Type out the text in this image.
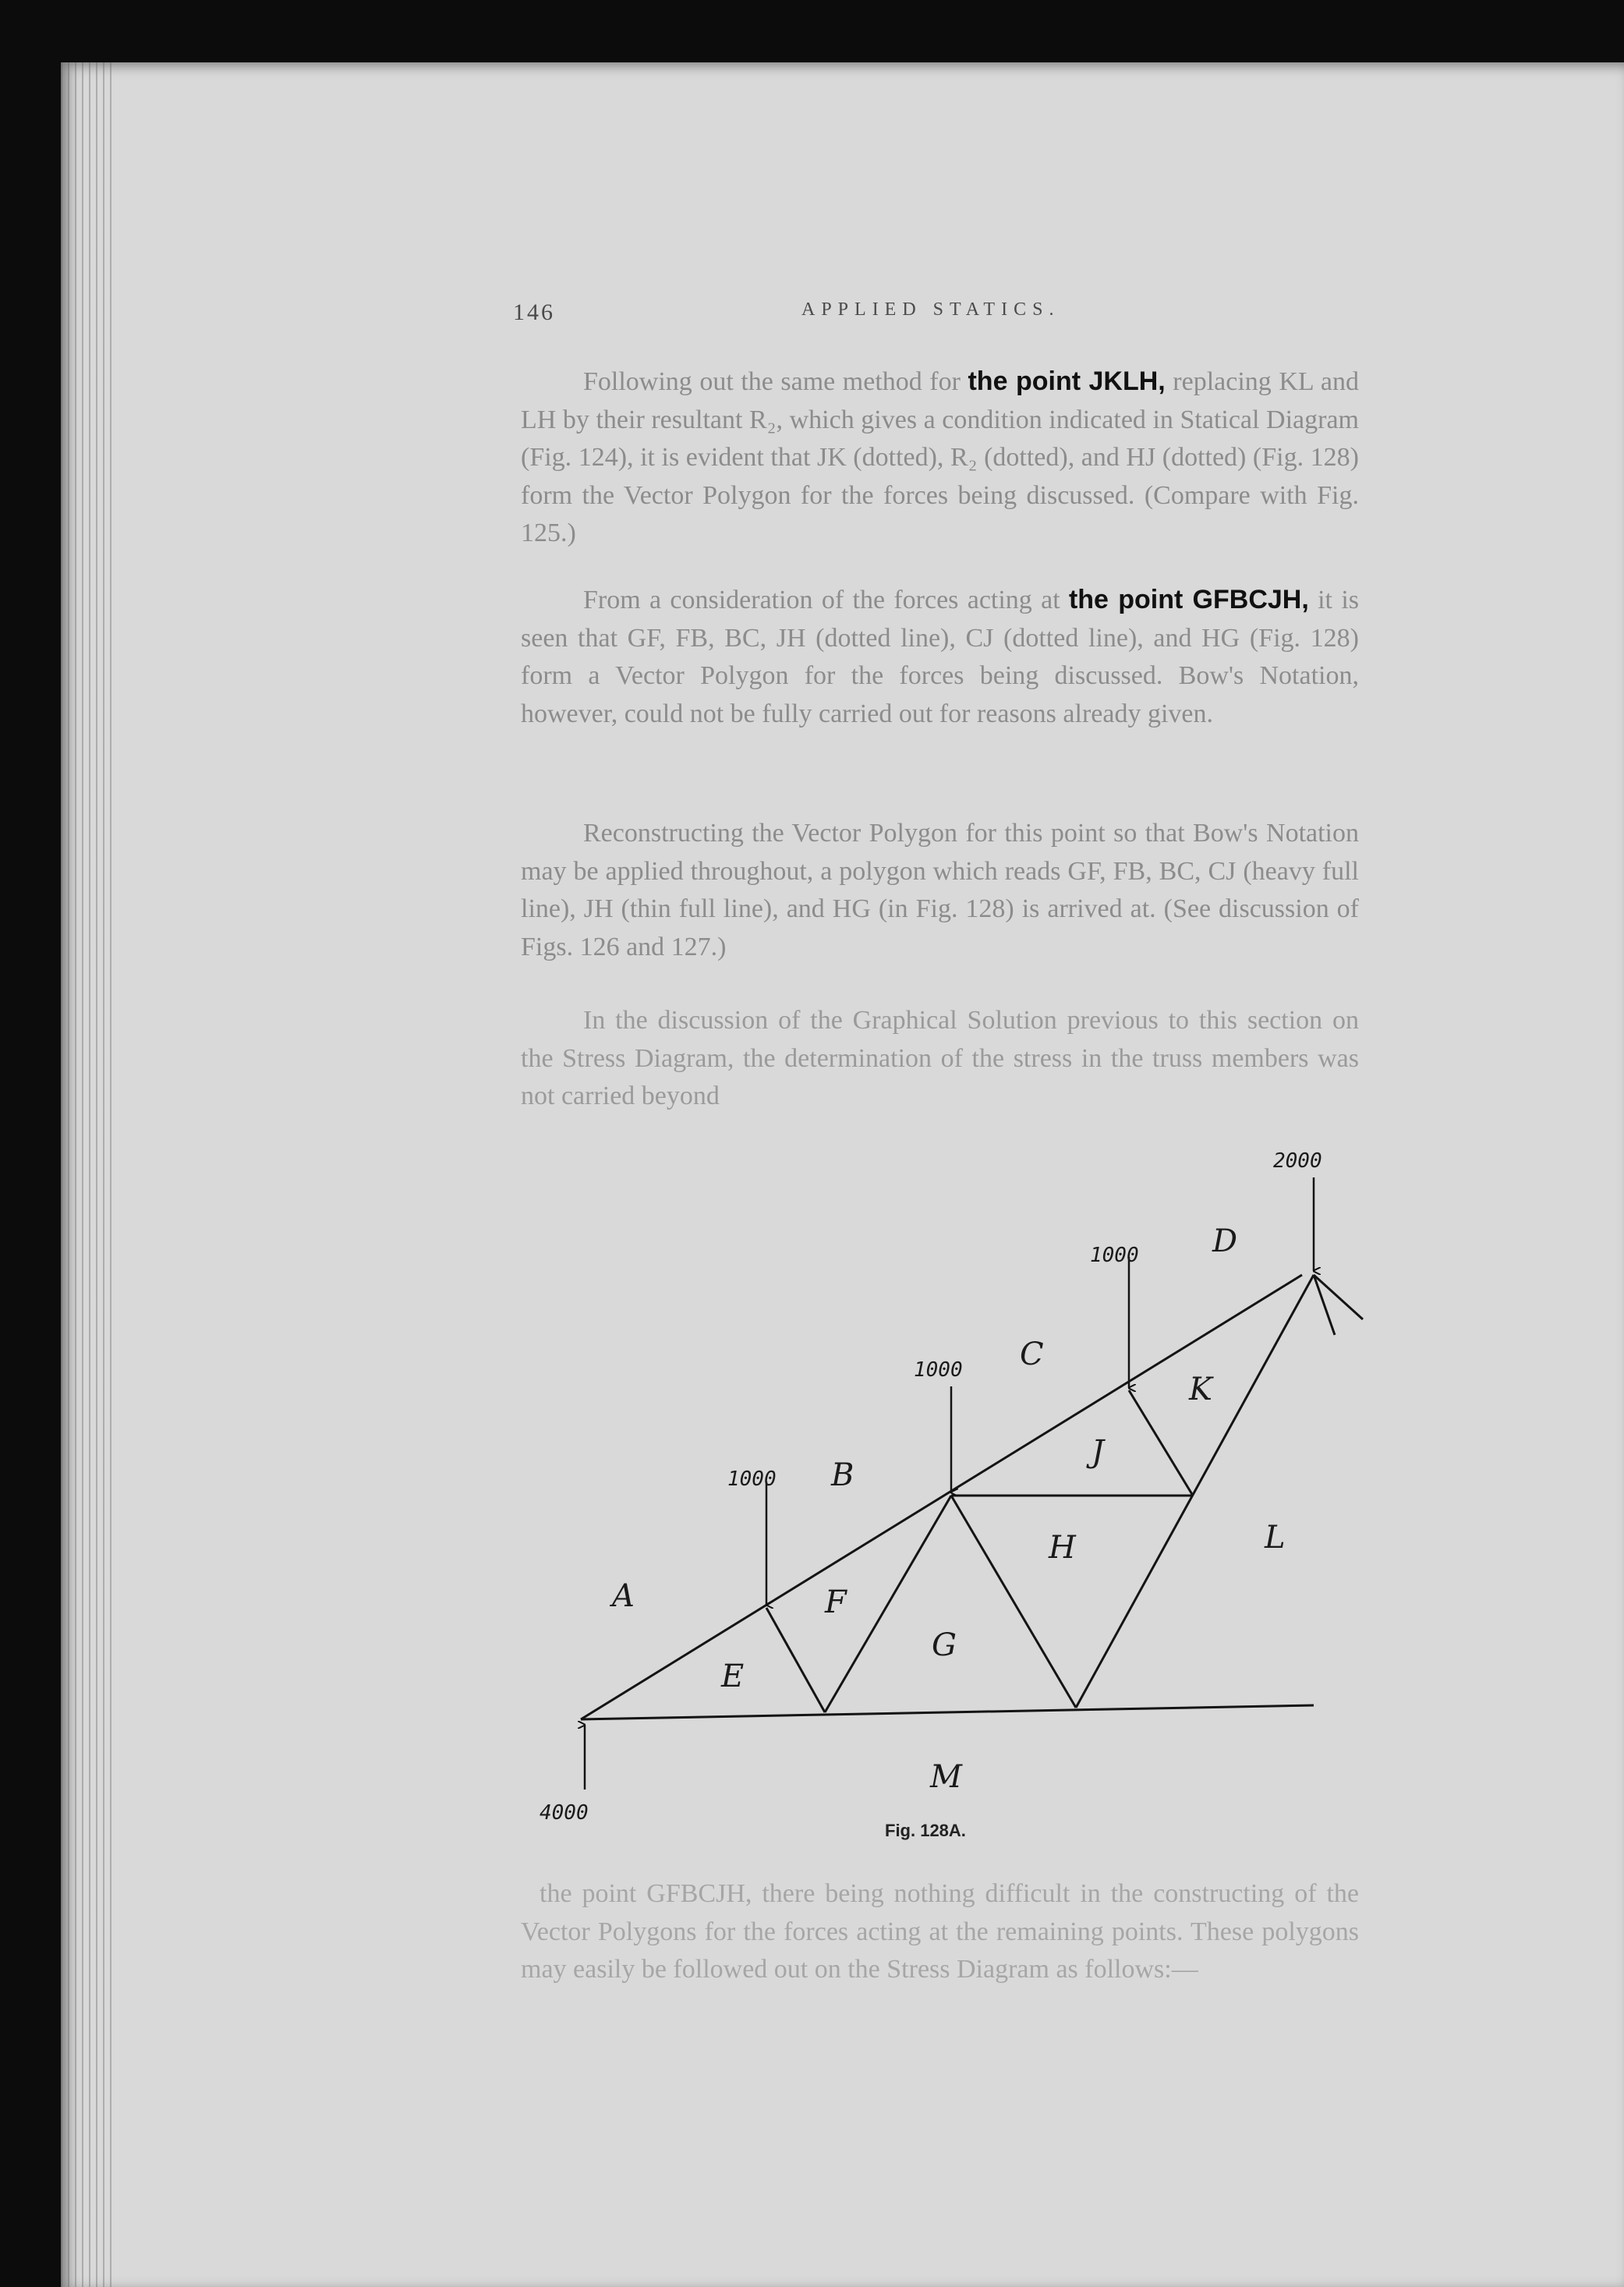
146	APPLIED STATICS.

Following out the same method for the point JKLH, replacing KL and LH by their resultant R₂, which gives a condition indicated in Statical Diagram (Fig. 124), it is evident that JK (dotted), R₂ (dotted), and HJ (dotted) (Fig. 128) form the Vector Polygon for the forces being discussed. (Compare with Fig. 125.)

From a consideration of the forces acting at the point GFBCJH, it is seen that GF, FB, BC, JH (dotted line), CJ (dotted line), and HG (Fig. 128) form a Vector Polygon for the forces being discussed. Bow's Notation, however, could not be fully carried out for reasons already given.

Reconstructing the Vector Polygon for this point so that Bow's Notation may be applied throughout, a polygon which reads GF, FB, BC, CJ (heavy full line), JH (thin full line), and HG (in Fig. 128) is arrived at. (See discussion of Figs. 126 and 127.)

In the discussion of the Graphical Solution previous to this section on the Stress Diagram, the determination of the stress in the truss members was not carried beyond

2000
1000
1000
1000
4000
A
B
C
D
E
F
G
H
J
K
L
M
Fig. 128A.

the point GFBCJH, there being nothing difficult in the constructing of the Vector Polygons for the forces acting at the remaining points. These polygons may easily be followed out on the Stress Diagram as follows:—
